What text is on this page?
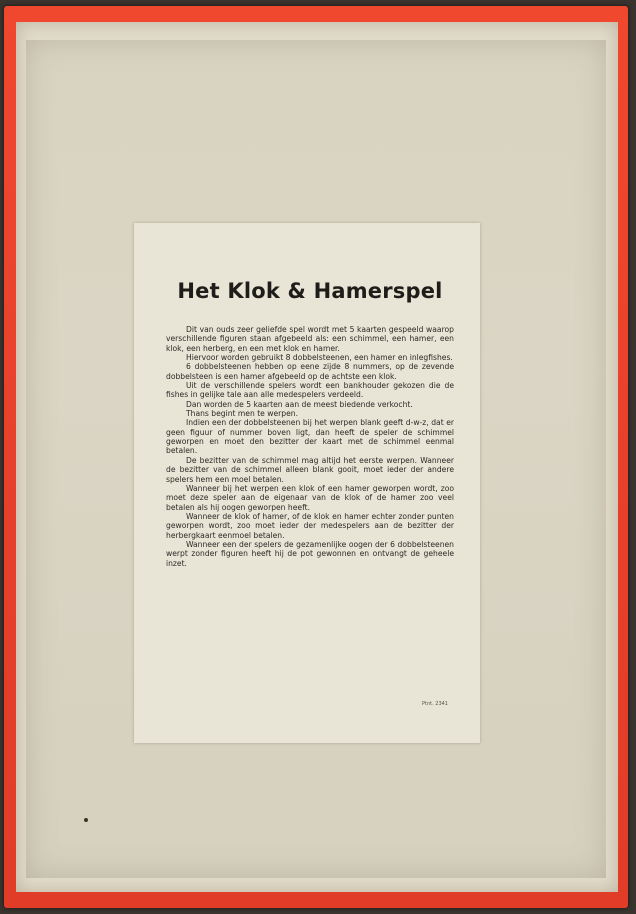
Het Klok & Hamerspel

Dit van ouds zeer geliefde spel wordt met 5 kaarten gespeeld waarop verschillende figuren staan afgebeeld als: een schimmel, een hamer, een klok, een herberg, en een met klok en hamer.

Hiervoor worden gebruikt 8 dobbelsteenen, een hamer en inlegfishes.

6 dobbelsteenen hebben op eene zijde 8 nummers, op de zevende dobbelsteen is een hamer afgebeeld op de achtste een klok.

Uit de verschillende spelers wordt een bankhouder gekozen die de fishes in gelijke tale aan alle medespelers verdeeld.

Dan worden de 5 kaarten aan de meest biedende verkocht.

Thans begint men te werpen.

Indien een der dobbelsteenen bij het werpen blank geeft d-w-z, dat er geen figuur of nummer boven ligt, dan heeft de speler de schimmel geworpen en moet den bezitter der kaart met de schimmel eenmal betalen.

De bezitter van de schimmel mag altijd het eerste werpen. Wanneer de bezitter van de schimmel alleen blank gooit, moet ieder der andere spelers hem een moel betalen.

Wanneer bij het werpen een klok of een hamer geworpen wordt, zoo moet deze speler aan de eigenaar van de klok of de hamer zoo veel betalen als hij oogen geworpen heeft.

Wanneer de klok of hamer, of de klok en hamer echter zonder punten geworpen wordt, zoo moet ieder der medespelers aan de bezitter der herbergkaart eenmoel betalen.

Wanneer een der spelers de gezamenlijke oogen der 6 dobbelsteenen werpt zonder figuren heeft hij de pot gewonnen en ontvangt de geheele inzet.

Ptnt. 2341
